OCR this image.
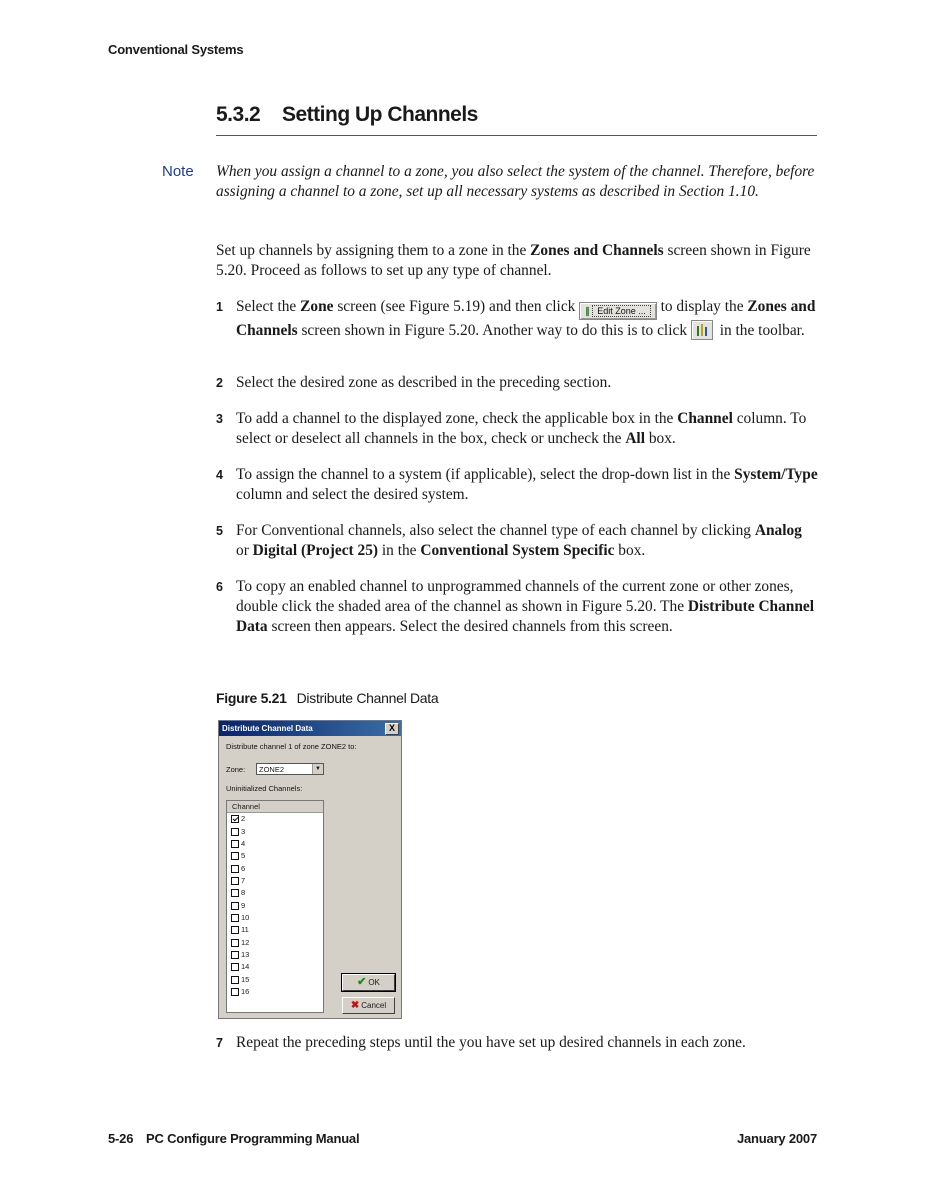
Conventional Systems
5.3.2 Setting Up Channels
Note When you assign a channel to a zone, you also select the system of the channel. Therefore, before assigning a channel to a zone, set up all necessary systems as described in Section 1.10.
Set up channels by assigning them to a zone in the Zones and Channels screen shown in Figure 5.20. Proceed as follows to set up any type of channel.
1 Select the Zone screen (see Figure 5.19) and then click ∥ Edit Zone ... to display the Zones and Channels screen shown in Figure 5.20. Another way to do this is to click  in the toolbar.
2 Select the desired zone as described in the preceding section.
3 To add a channel to the displayed zone, check the applicable box in the Channel column. To select or deselect all channels in the box, check or uncheck the All box.
4 To assign the channel to a system (if applicable), select the drop-down list in the System/Type column and select the desired system.
5 For Conventional channels, also select the channel type of each channel by clicking Analog or Digital (Project 25) in the Conventional System Specific box.
6 To copy an enabled channel to unprogrammed channels of the current zone or other zones, double click the shaded area of the channel as shown in Figure 5.20. The Distribute Channel Data screen then appears. Select the desired channels from this screen.
Figure 5.21 Distribute Channel Data
Distribute Channel Data	X
Distribute channel 1 of zone ZONE2 to:
Zone:	ZONE2	▼
Uninitialized Channels:
Channel
2
3
4
5
6
7
8
9
10
11
12
13
14
15
16
✔ OK
✖ Cancel
7 Repeat the preceding steps until the you have set up desired channels in each zone.
5-26 PC Configure Programming Manual	January 2007
